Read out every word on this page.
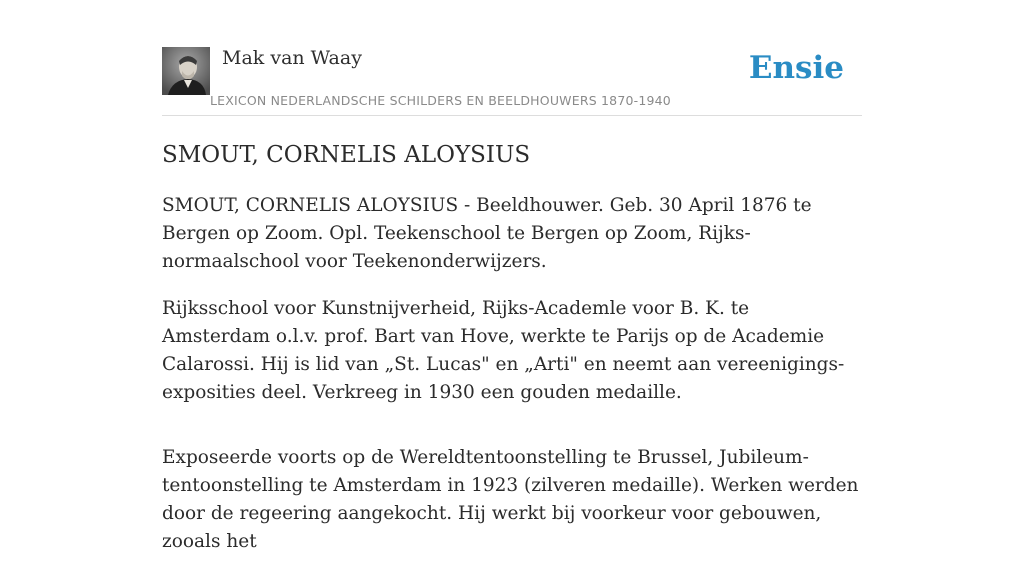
Mak van Waay
LEXICON NEDERLANDSCHE SCHILDERS EN BEELDHOUWERS 1870-1940
Ensie
SMOUT, CORNELIS ALOYSIUS

SMOUT, CORNELIS ALOYSIUS - Beeldhouwer. Geb. 30 April 1876 te Bergen op Zoom. Opl. Teekenschool te Bergen op Zoom, Rijks-normaalschool voor Teekenonderwijzers.

Rijksschool voor Kunstnijverheid, Rijks-Academle voor B. K. te Amsterdam o.l.v. prof. Bart van Hove, werkte te Parijs op de Academie Calarossi. Hij is lid van „St. Lucas" en „Arti" en neemt aan vereenigings-exposities deel. Verkreeg in 1930 een gouden medaille.

Exposeerde voorts op de Wereldtentoonstelling te Brussel, Jubileum-tentoonstelling te Amsterdam in 1923 (zilveren medaille). Werken werden door de regeering aangekocht. Hij werkt bij voorkeur voor gebouwen, zooals het
